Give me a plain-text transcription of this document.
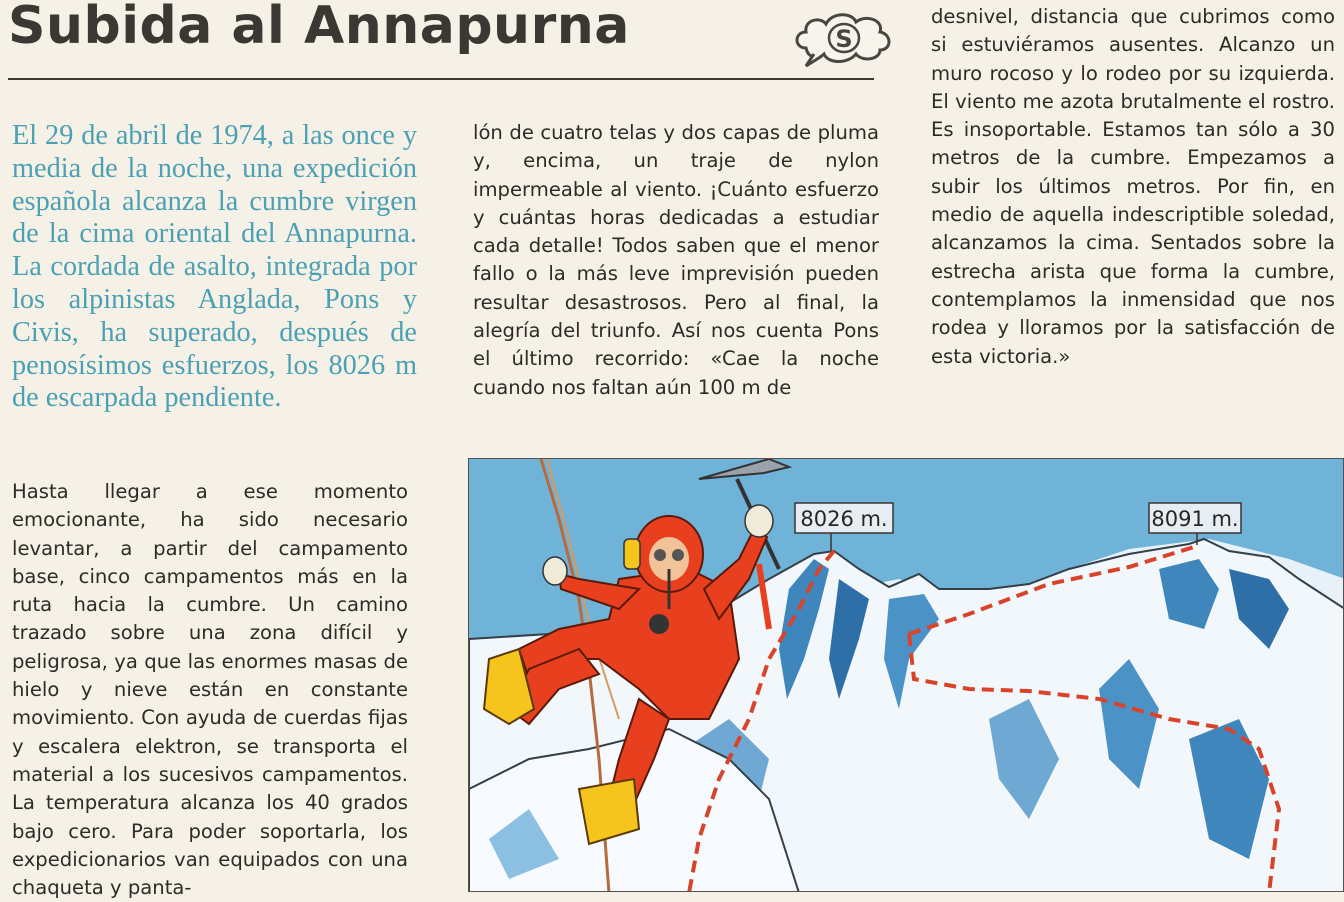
Subida al Annapurna	S

El 29 de abril de 1974, a las once y media de la noche, una expedición española alcanza la cumbre virgen de la cima oriental del Annapurna. La cordada de asalto, integrada por los alpinistas Anglada, Pons y Civis, ha superado, después de penosísimos esfuerzos, los 8026 m de escarpada pendiente.

Hasta llegar a ese momento emocionante, ha sido necesario levantar, a partir del campamento base, cinco campamentos más en la ruta hacia la cumbre. Un camino trazado sobre una zona difícil y peligrosa, ya que las enormes masas de hielo y nieve están en constante movimiento. Con ayuda de cuerdas fijas y escalera elektron, se transporta el material a los sucesivos campamentos. La temperatura alcanza los 40 grados bajo cero. Para poder soportarla, los expedicionarios van equipados con una chaqueta y panta-

lón de cuatro telas y dos capas de pluma y, encima, un traje de nylon impermeable al viento. ¡Cuánto esfuerzo y cuántas horas dedicadas a estudiar cada detalle! Todos saben que el menor fallo o la más leve imprevisión pueden resultar desastrosos. Pero al final, la alegría del triunfo. Así nos cuenta Pons el último recorrido: «Cae la noche cuando nos faltan aún 100 m de

desnivel, distancia que cubrimos como si estuviéramos ausentes. Alcanzo un muro rocoso y lo rodeo por su izquierda. El viento me azota brutalmente el rostro. Es insoportable. Estamos tan sólo a 30 metros de la cumbre. Empezamos a subir los últimos metros. Por fin, en medio de aquella indescriptible soledad, alcanzamos la cima. Sentados sobre la estrecha arista que forma la cumbre, contemplamos la inmensidad que nos rodea y lloramos por la satisfacción de esta victoria.»

8026 m.	8091 m.
